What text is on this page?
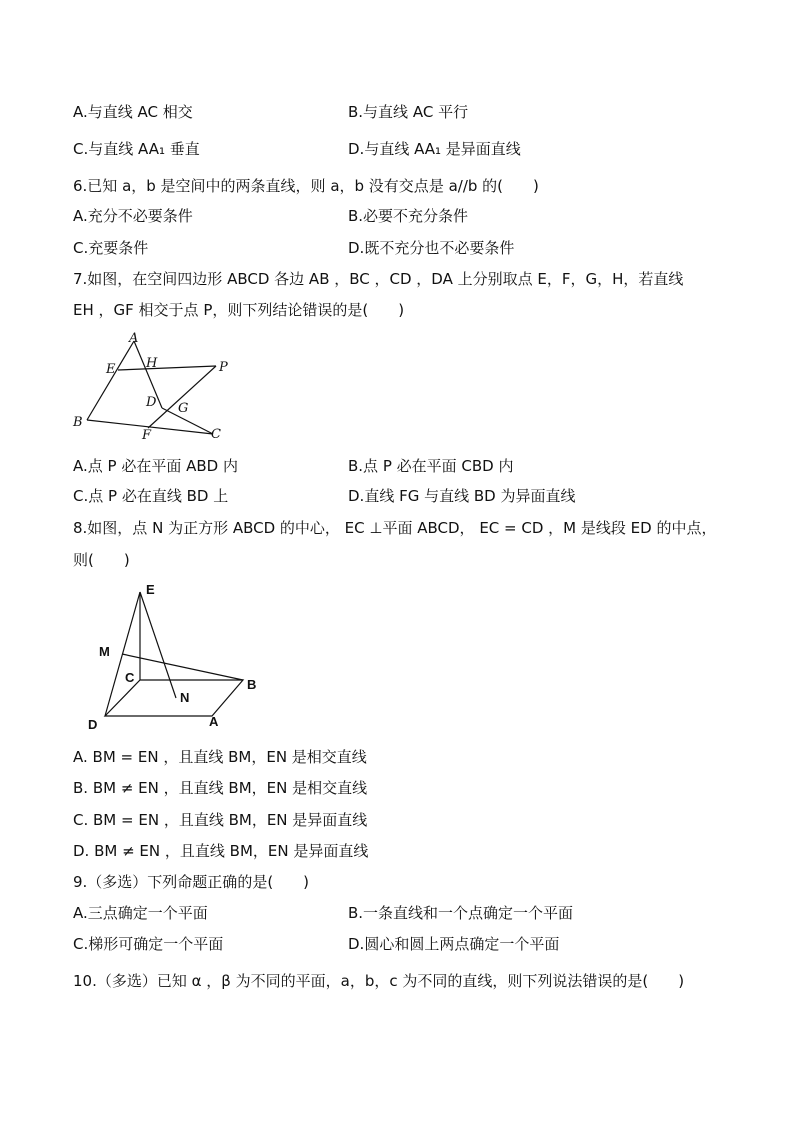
A.与直线 AC 相交	B.与直线 AC 平行
C.与直线 AA₁ 垂直	D.与直线 AA₁ 是异面直线
6.已知 a，b 是空间中的两条直线，则 a，b 没有交点是 a//b 的(　　)
A.充分不必要条件	B.必要不充分条件
C.充要条件	D.既不充分也不必要条件
7.如图，在空间四边形 ABCD 各边 AB ，BC ，CD ，DA 上分别取点 E，F，G，H，若直线
EH ，GF 相交于点 P，则下列结论错误的是(　　)
A
E H	P
D G
B
F	C
A.点 P 必在平面 ABD 内	B.点 P 必在平面 CBD 内
C.点 P 必在直线 BD 上	D.直线 FG 与直线 BD 为异面直线
8.如图，点 N 为正方形 ABCD 的中心， EC ⊥平面 ABCD， EC = CD ，M 是线段 ED 的中点，
则(　　)
E
M
C
N
B
D	A
A. BM = EN ，且直线 BM，EN 是相交直线
B. BM ≠ EN ，且直线 BM，EN 是相交直线
C. BM = EN ，且直线 BM，EN 是异面直线
D. BM ≠ EN ，且直线 BM，EN 是异面直线
9.（多选）下列命题正确的是(　　)
A.三点确定一个平面	B.一条直线和一个点确定一个平面
C.梯形可确定一个平面	D.圆心和圆上两点确定一个平面
10.（多选）已知 α ，β 为不同的平面，a，b，c 为不同的直线，则下列说法错误的是(　　)
